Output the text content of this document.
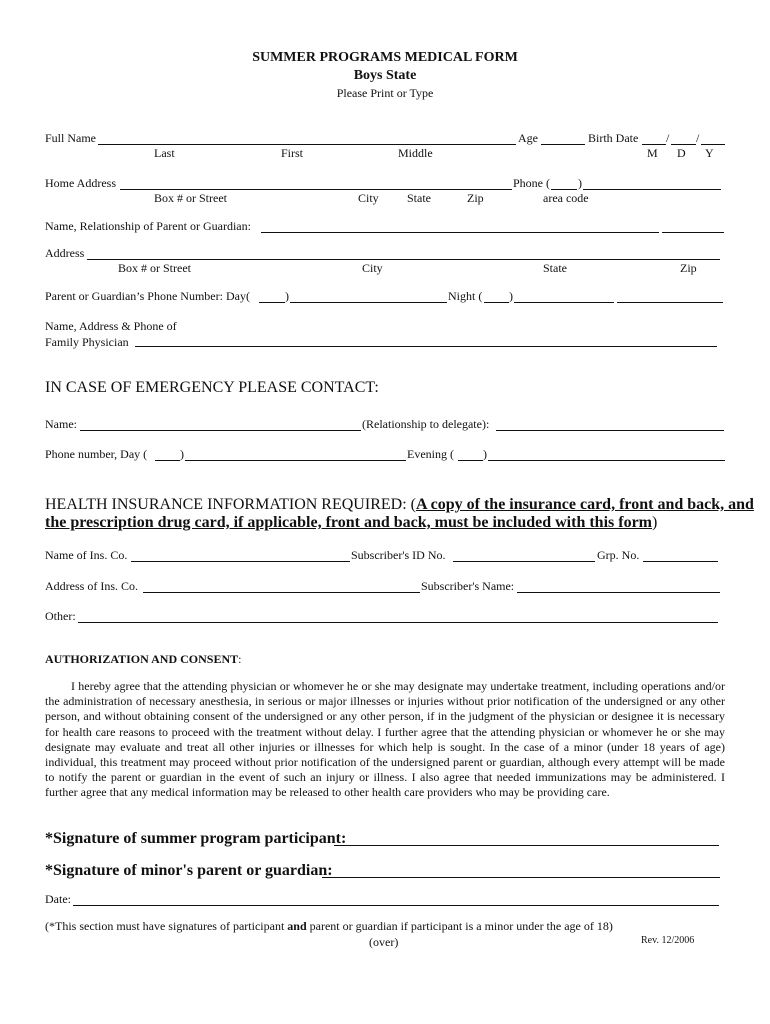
SUMMER PROGRAMS MEDICAL FORM
Boys State
Please Print or Type
Full Name	Age	Birth Date / /
Last	First	Middle	M D Y
Home Address	Phone ( )
Box # or Street	City State	Zip	area code
Name, Relationship of Parent or Guardian:
Address
Box # or Street	City	State	Zip
Parent or Guardian’s Phone Number: Day(	)	Night ( )
Name, Address & Phone of
Family Physician
IN CASE OF EMERGENCY PLEASE CONTACT:
Name:	(Relationship to delegate):
Phone number, Day (	)	Evening ( )
HEALTH INSURANCE INFORMATION REQUIRED: (A copy of the insurance card, front and back, and
the prescription drug card, if applicable, front and back, must be included with this form)
Name of Ins. Co.	Subscriber's ID No.	Grp. No.
Address of Ins. Co.	Subscriber's Name:
Other:
AUTHORIZATION AND CONSENT:
I hereby agree that the attending physician or whomever he or she may designate may undertake treatment, including operations and/or the administration of necessary anesthesia, in serious or major illnesses or injuries without prior notification of the undersigned or any other person, and without obtaining consent of the undersigned or any other person, if in the judgment of the physician or designee it is necessary for health care reasons to proceed with the treatment without delay. I further agree that the attending physician or whomever he or she may designate may evaluate and treat all other injuries or illnesses for which help is sought. In the case of a minor (under 18 years of age) individual, this treatment may proceed without prior notification of the undersigned parent or guardian, although every attempt will be made to notify the parent or guardian in the event of such an injury or illness. I also agree that needed immunizations may be administered. I further agree that any medical information may be released to other health care providers who may be providing care.
*Signature of summer program participant:
*Signature of minor's parent or guardian:
Date:
(*This section must have signatures of participant and parent or guardian if participant is a minor under the age of 18)
(over)	Rev. 12/2006
